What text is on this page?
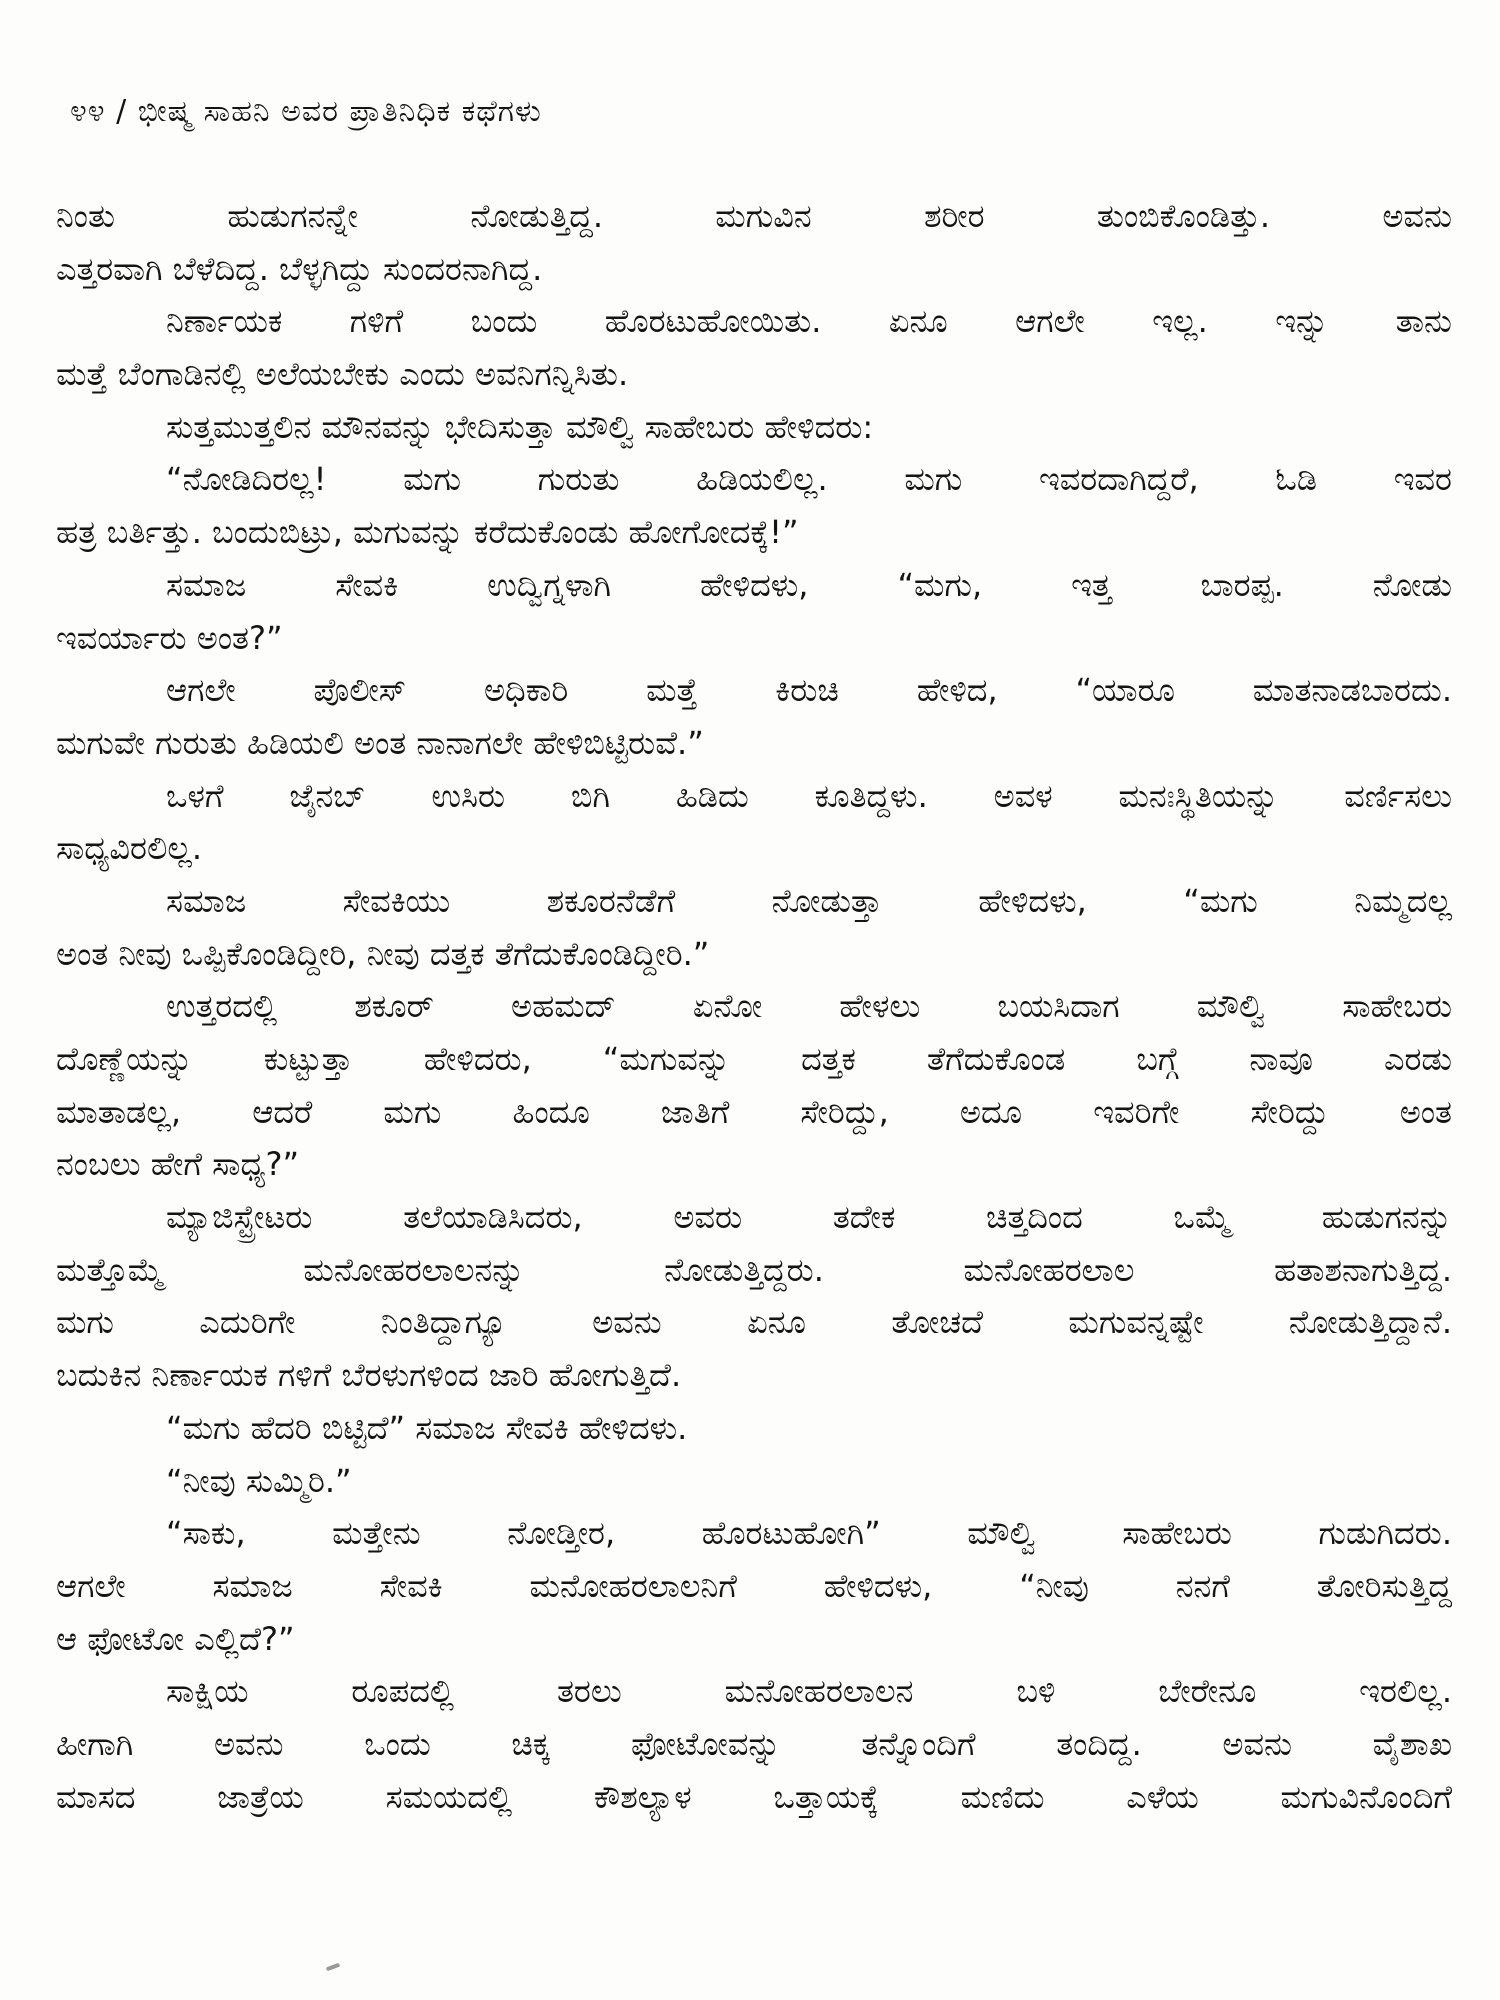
೪೪ / ಭೀಷ್ಮ ಸಾಹನಿ ಅವರ ಪ್ರಾತಿನಿಧಿಕ ಕಥೆಗಳು
ನಿಂತು ಹುಡುಗನನ್ನೇ ನೋಡುತ್ತಿದ್ದ. ಮಗುವಿನ ಶರೀರ ತುಂಬಿಕೊಂಡಿತ್ತು. ಅವನು
ಎತ್ತರವಾಗಿ ಬೆಳೆದಿದ್ದ. ಬೆಳ್ಳಗಿದ್ದು ಸುಂದರನಾಗಿದ್ದ.
ನಿರ್ಣಾಯಕ ಗಳಿಗೆ ಬಂದು ಹೊರಟುಹೋಯಿತು. ಏನೂ ಆಗಲೇ ಇಲ್ಲ. ಇನ್ನು ತಾನು
ಮತ್ತೆ ಬೆಂಗಾಡಿನಲ್ಲಿ ಅಲೆಯಬೇಕು ಎಂದು ಅವನಿಗನ್ನಿಸಿತು.
ಸುತ್ತಮುತ್ತಲಿನ ಮೌನವನ್ನು ಭೇದಿಸುತ್ತಾ ಮೌಲ್ವಿ ಸಾಹೇಬರು ಹೇಳಿದರು:
“ನೋಡಿದಿರಲ್ಲ! ಮಗು ಗುರುತು ಹಿಡಿಯಲಿಲ್ಲ. ಮಗು ಇವರದಾಗಿದ್ದರೆ, ಓಡಿ ಇವರ
ಹತ್ರ ಬರ್ತಿತ್ತು. ಬಂದುಬಿಟ್ರು, ಮಗುವನ್ನು ಕರೆದುಕೊಂಡು ಹೋಗೋದಕ್ಕೆ!”
ಸಮಾಜ ಸೇವಕಿ ಉದ್ವಿಗ್ನಳಾಗಿ ಹೇಳಿದಳು, “ಮಗು, ಇತ್ತ ಬಾರಪ್ಪ. ನೋಡು
ಇವರ್ಯಾರು ಅಂತ?”
ಆಗಲೇ ಪೊಲೀಸ್ ಅಧಿಕಾರಿ ಮತ್ತೆ ಕಿರುಚಿ ಹೇಳಿದ, “ಯಾರೂ ಮಾತನಾಡಬಾರದು.
ಮಗುವೇ ಗುರುತು ಹಿಡಿಯಲಿ ಅಂತ ನಾನಾಗಲೇ ಹೇಳಿಬಿಟ್ಟಿರುವೆ.”
ಒಳಗೆ ಜೈನಬ್ ಉಸಿರು ಬಿಗಿ ಹಿಡಿದು ಕೂತಿದ್ದಳು. ಅವಳ ಮನಃಸ್ಥಿತಿಯನ್ನು ವರ್ಣಿಸಲು
ಸಾಧ್ಯವಿರಲಿಲ್ಲ.
ಸಮಾಜ ಸೇವಕಿಯು ಶಕೂರನೆಡೆಗೆ ನೋಡುತ್ತಾ ಹೇಳಿದಳು, “ಮಗು ನಿಮ್ಮದಲ್ಲ
ಅಂತ ನೀವು ಒಪ್ಪಿಕೊಂಡಿದ್ದೀರಿ, ನೀವು ದತ್ತಕ ತೆಗೆದುಕೊಂಡಿದ್ದೀರಿ.”
ಉತ್ತರದಲ್ಲಿ ಶಕೂರ್ ಅಹಮದ್ ಏನೋ ಹೇಳಲು ಬಯಸಿದಾಗ ಮೌಲ್ವಿ ಸಾಹೇಬರು
ದೊಣ್ಣೆಯನ್ನು ಕುಟ್ಟುತ್ತಾ ಹೇಳಿದರು, “ಮಗುವನ್ನು ದತ್ತಕ ತೆಗೆದುಕೊಂಡ ಬಗ್ಗೆ ನಾವೂ ಎರಡು
ಮಾತಾಡಲ್ಲ, ಆದರೆ ಮಗು ಹಿಂದೂ ಜಾತಿಗೆ ಸೇರಿದ್ದು, ಅದೂ ಇವರಿಗೇ ಸೇರಿದ್ದು ಅಂತ
ನಂಬಲು ಹೇಗೆ ಸಾಧ್ಯ?”
ಮ್ಯಾಜಿಸ್ಟ್ರೇಟರು ತಲೆಯಾಡಿಸಿದರು, ಅವರು ತದೇಕ ಚಿತ್ತದಿಂದ ಒಮ್ಮೆ ಹುಡುಗನನ್ನು
ಮತ್ತೊಮ್ಮೆ ಮನೋಹರಲಾಲನನ್ನು ನೋಡುತ್ತಿದ್ದರು. ಮನೋಹರಲಾಲ ಹತಾಶನಾಗುತ್ತಿದ್ದ.
ಮಗು ಎದುರಿಗೇ ನಿಂತಿದ್ದಾಗ್ಯೂ ಅವನು ಏನೂ ತೋಚದೆ ಮಗುವನ್ನಷ್ಟೇ ನೋಡುತ್ತಿದ್ದಾನೆ.
ಬದುಕಿನ ನಿರ್ಣಾಯಕ ಗಳಿಗೆ ಬೆರಳುಗಳಿಂದ ಜಾರಿ ಹೋಗುತ್ತಿದೆ.
“ಮಗು ಹೆದರಿ ಬಿಟ್ಟಿದೆ” ಸಮಾಜ ಸೇವಕಿ ಹೇಳಿದಳು.
“ನೀವು ಸುಮ್ಮಿರಿ.”
“ಸಾಕು, ಮತ್ತೇನು ನೋಡ್ತೀರ, ಹೊರಟುಹೋಗಿ” ಮೌಲ್ವಿ ಸಾಹೇಬರು ಗುಡುಗಿದರು.
ಆಗಲೇ ಸಮಾಜ ಸೇವಕಿ ಮನೋಹರಲಾಲನಿಗೆ ಹೇಳಿದಳು, “ನೀವು ನನಗೆ ತೋರಿಸುತ್ತಿದ್ದ
ಆ ಫೋಟೋ ಎಲ್ಲಿದೆ?”
ಸಾಕ್ಷಿಯ ರೂಪದಲ್ಲಿ ತರಲು ಮನೋಹರಲಾಲನ ಬಳಿ ಬೇರೇನೂ ಇರಲಿಲ್ಲ.
ಹೀಗಾಗಿ ಅವನು ಒಂದು ಚಿಕ್ಕ ಫೋಟೋವನ್ನು ತನ್ನೊಂದಿಗೆ ತಂದಿದ್ದ. ಅವನು ವೈಶಾಖ
ಮಾಸದ ಜಾತ್ರೆಯ ಸಮಯದಲ್ಲಿ ಕೌಶಲ್ಯಾಳ ಒತ್ತಾಯಕ್ಕೆ ಮಣಿದು ಎಳೆಯ ಮಗುವಿನೊಂದಿಗೆ
